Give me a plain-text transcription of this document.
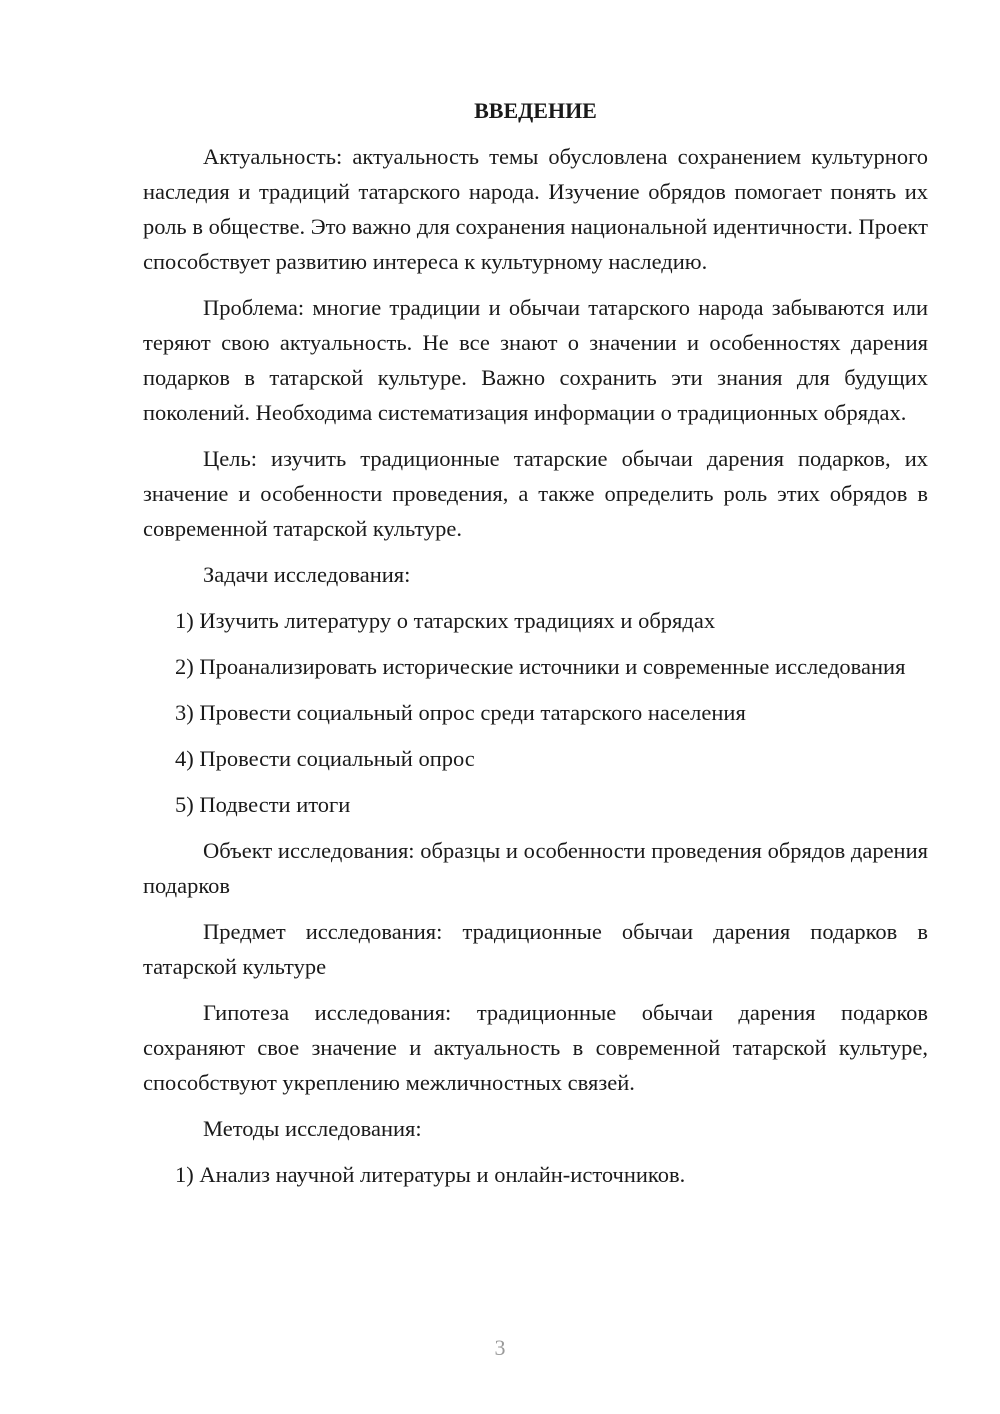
ВВЕДЕНИЕ

Актуальность: актуальность темы обусловлена сохранением культурного наследия и традиций татарского народа. Изучение обрядов помогает понять их роль в обществе. Это важно для сохранения национальной идентичности. Проект способствует развитию интереса к культурному наследию.

Проблема: многие традиции и обычаи татарского народа забываются или теряют свою актуальность. Не все знают о значении и особенностях дарения подарков в татарской культуре. Важно сохранить эти знания для будущих поколений. Необходима систематизация информации о традиционных обрядах.

Цель: изучить традиционные татарские обычаи дарения подарков, их значение и особенности проведения, а также определить роль этих обрядов в современной татарской культуре.

Задачи исследования:

1) Изучить литературу о татарских традициях и обрядах

2) Проанализировать исторические источники и современные исследования

3) Провести социальный опрос среди татарского населения

4) Провести социальный опрос

5) Подвести итоги

Объект исследования: образцы и особенности проведения обрядов дарения подарков

Предмет исследования: традиционные обычаи дарения подарков в татарской культуре

Гипотеза исследования: традиционные обычаи дарения подарков сохраняют свое значение и актуальность в современной татарской культуре, способствуют укреплению межличностных связей.

Методы исследования:

1) Анализ научной литературы и онлайн-источников.

3
